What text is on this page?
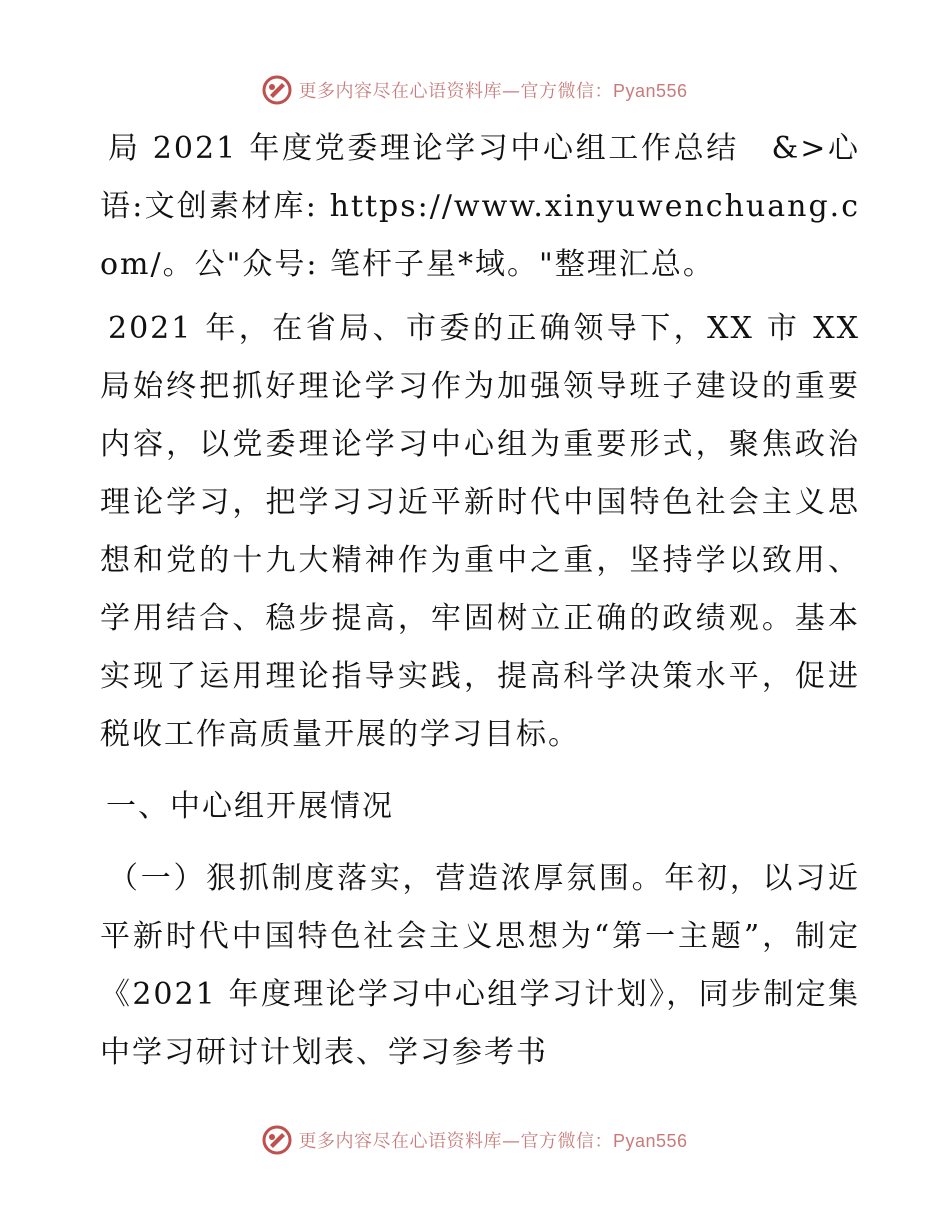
更多内容尽在心语资料库—官方微信：Pyan556

局 2021 年度党委理论学习中心组工作总结　&>心语:文创素材库: https://www.xinyuwenchuang.com/。公"众号: 笔杆子星*域。"整理汇总。

2021 年，在省局、市委的正确领导下，XX 市 XX 局始终把抓好理论学习作为加强领导班子建设的重要内容，以党委理论学习中心组为重要形式，聚焦政治理论学习，把学习习近平新时代中国特色社会主义思想和党的十九大精神作为重中之重，坚持学以致用、学用结合、稳步提高，牢固树立正确的政绩观。基本实现了运用理论指导实践，提高科学决策水平，促进税收工作高质量开展的学习目标。

一、中心组开展情况

（一）狠抓制度落实，营造浓厚氛围。年初，以习近平新时代中国特色社会主义思想为“第一主题”，制定《2021 年度理论学习中心组学习计划》，同步制定集中学习研讨计划表、学习参考书

更多内容尽在心语资料库—官方微信：Pyan556
